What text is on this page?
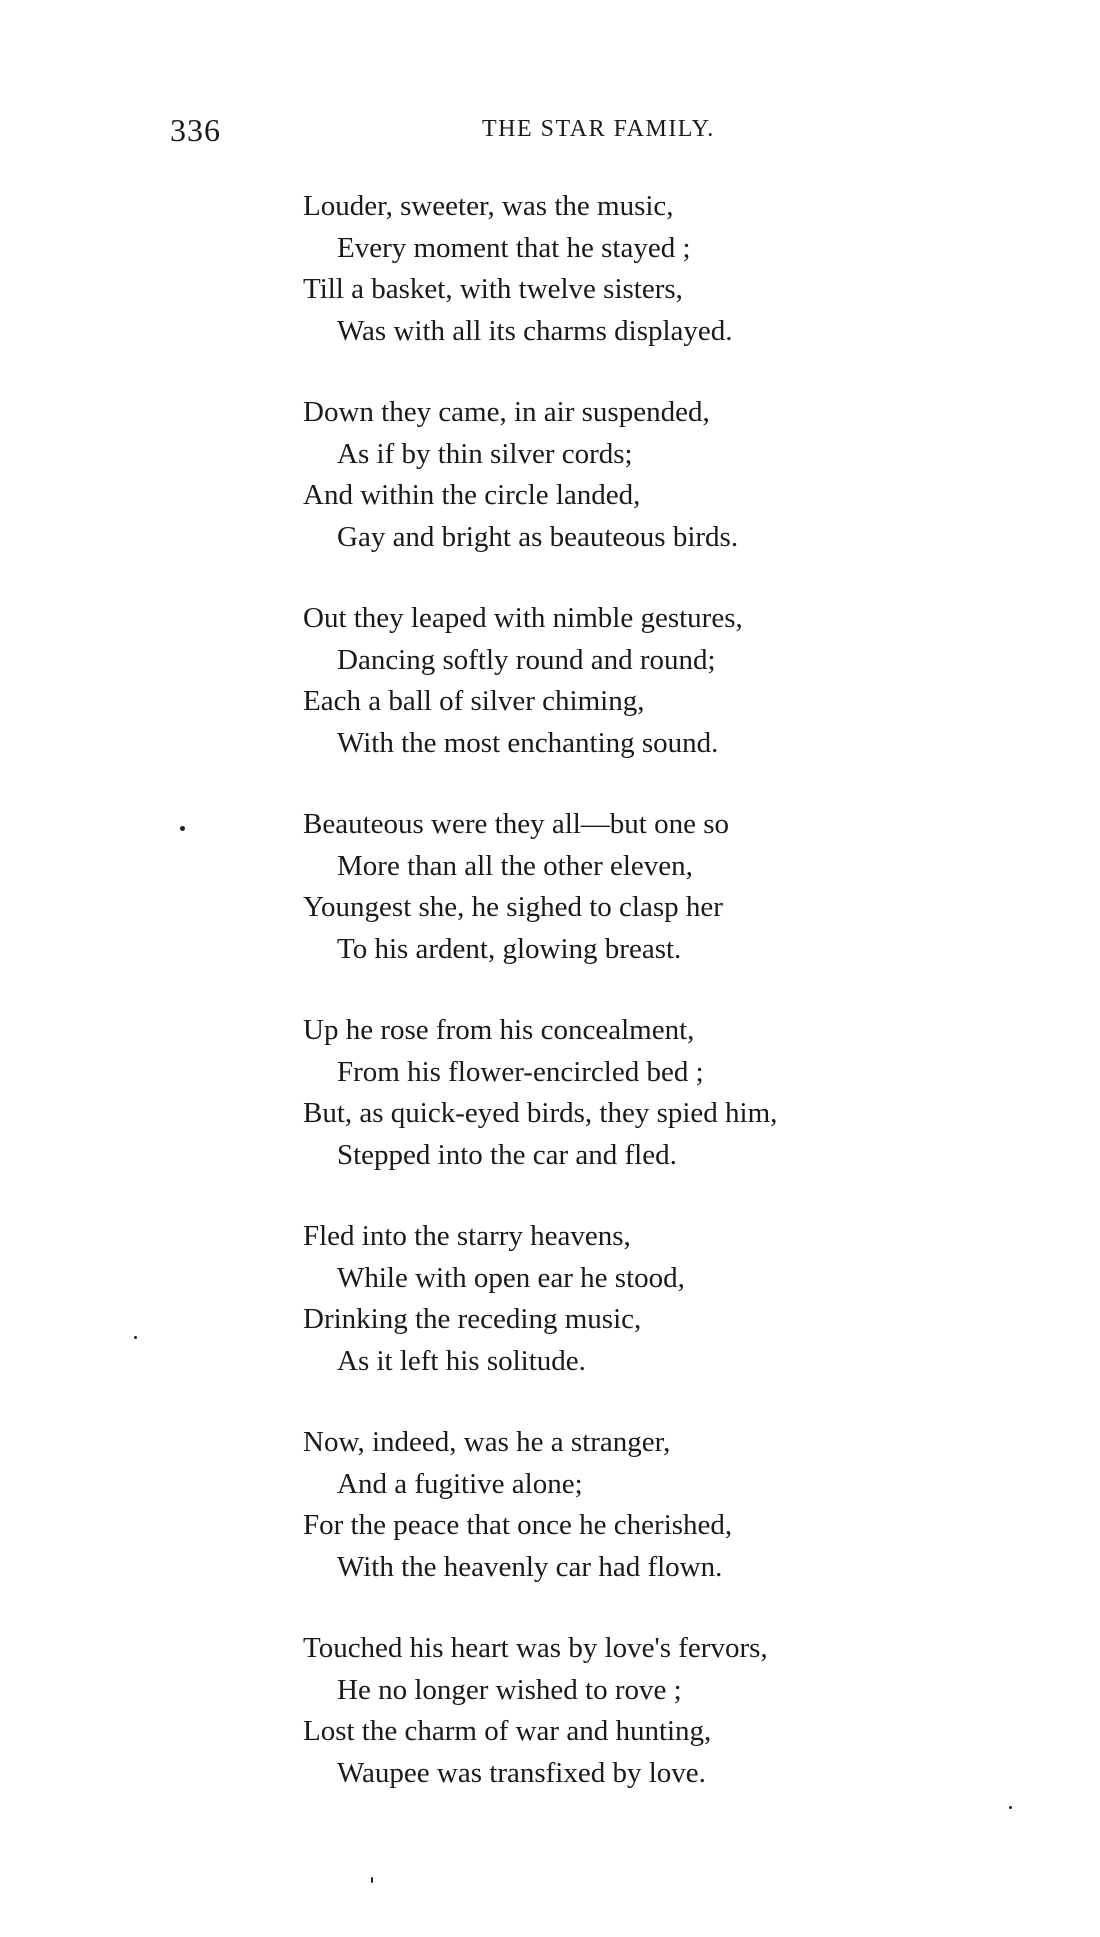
336	THE STAR FAMILY.
Louder, sweeter, was the music,
Every moment that he stayed ;
Till a basket, with twelve sisters,
Was with all its charms displayed.
Down they came, in air suspended,
As if by thin silver cords;
And within the circle landed,
Gay and bright as beauteous birds.
Out they leaped with nimble gestures,
Dancing softly round and round;
Each a ball of silver chiming,
With the most enchanting sound.
Beauteous were they all—but one so
More than all the other eleven,
Youngest she, he sighed to clasp her
To his ardent, glowing breast.
Up he rose from his concealment,
From his flower-encircled bed ;
But, as quick-eyed birds, they spied him,
Stepped into the car and fled.
Fled into the starry heavens,
While with open ear he stood,
Drinking the receding music,
As it left his solitude.
Now, indeed, was he a stranger,
And a fugitive alone;
For the peace that once he cherished,
With the heavenly car had flown.
Touched his heart was by love's fervors,
He no longer wished to rove ;
Lost the charm of war and hunting,
Waupee was transfixed by love.
